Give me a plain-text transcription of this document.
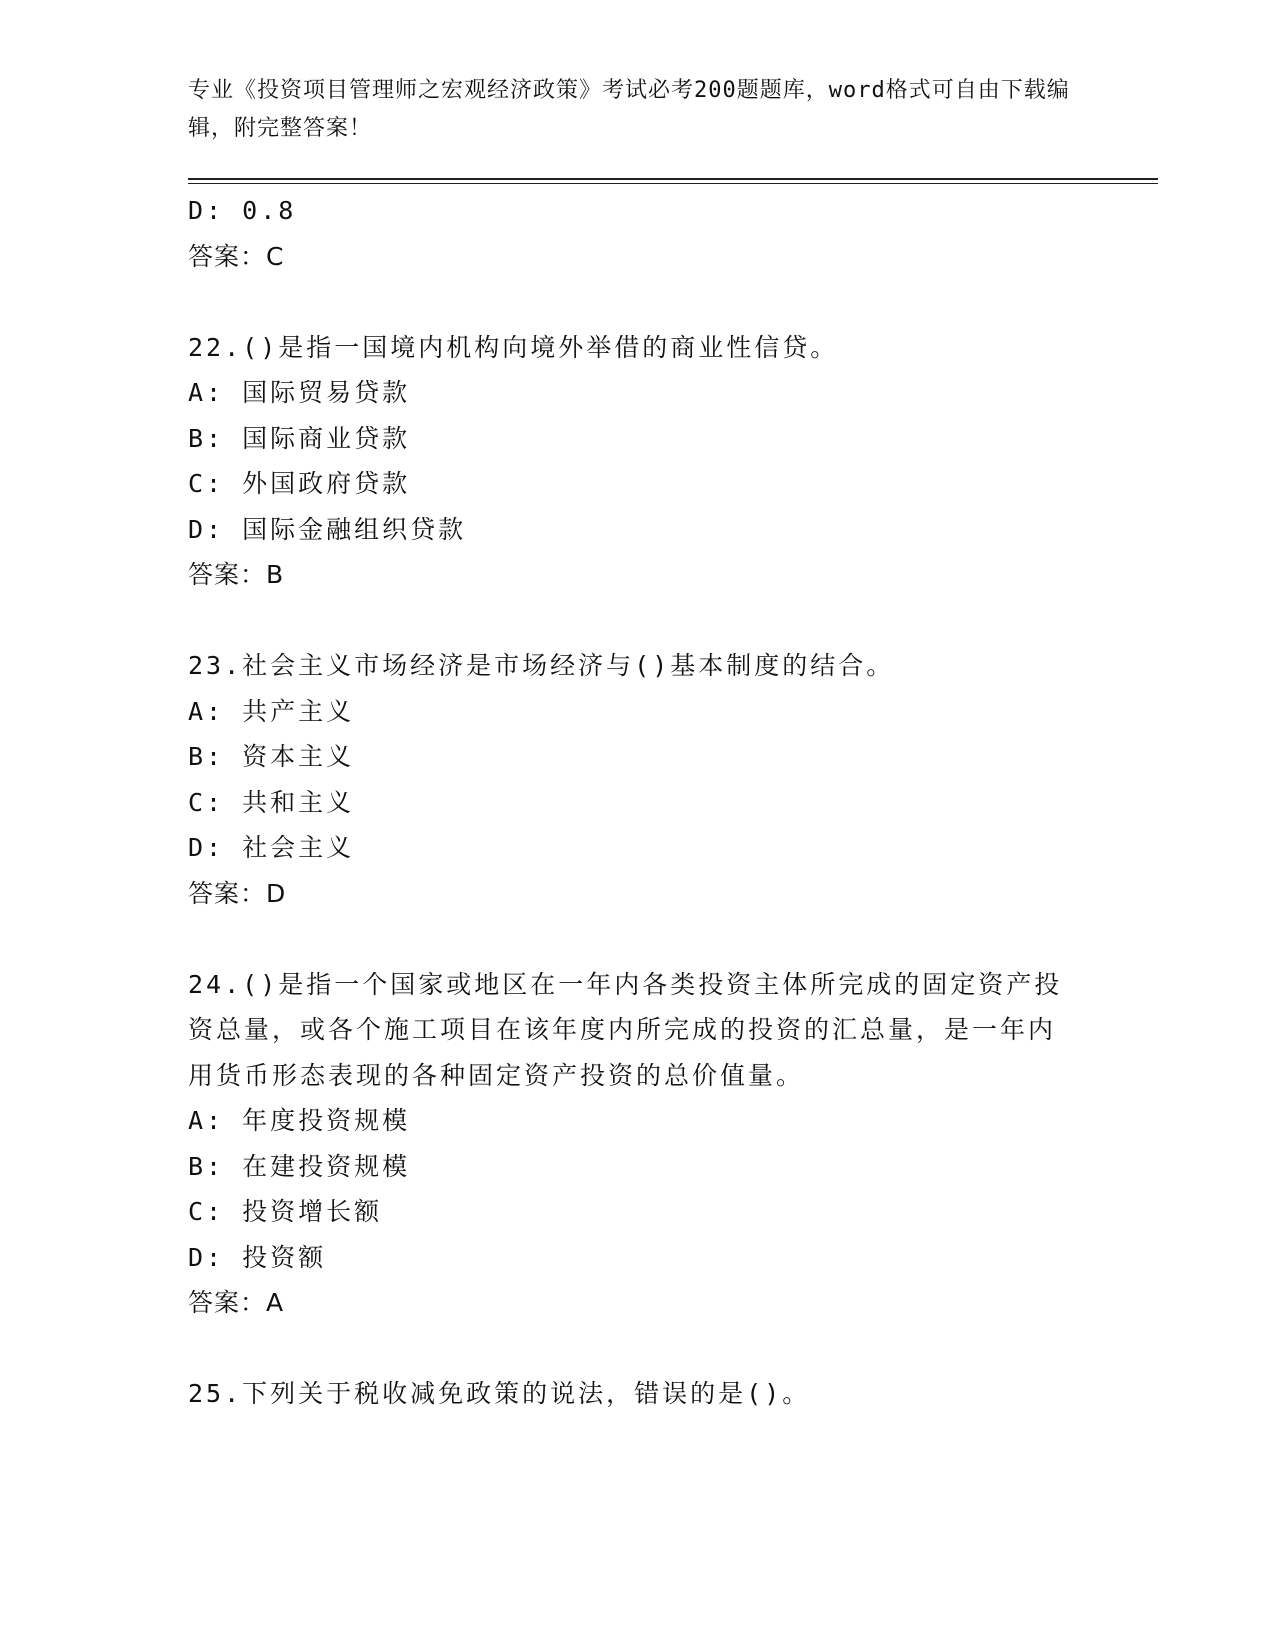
专业《投资项目管理师之宏观经济政策》考试必考200题题库，word格式可自由下载编辑，附完整答案！
D: 0.8
答案：C
22.()是指一国境内机构向境外举借的商业性信贷。
A: 国际贸易贷款
B: 国际商业贷款
C: 外国政府贷款
D: 国际金融组织贷款
答案：B
23.社会主义市场经济是市场经济与()基本制度的结合。
A: 共产主义
B: 资本主义
C: 共和主义
D: 社会主义
答案：D
24.()是指一个国家或地区在一年内各类投资主体所完成的固定资产投资总量，或各个施工项目在该年度内所完成的投资的汇总量，是一年内用货币形态表现的各种固定资产投资的总价值量。
A: 年度投资规模
B: 在建投资规模
C: 投资增长额
D: 投资额
答案：A
25.下列关于税收减免政策的说法，错误的是()。
